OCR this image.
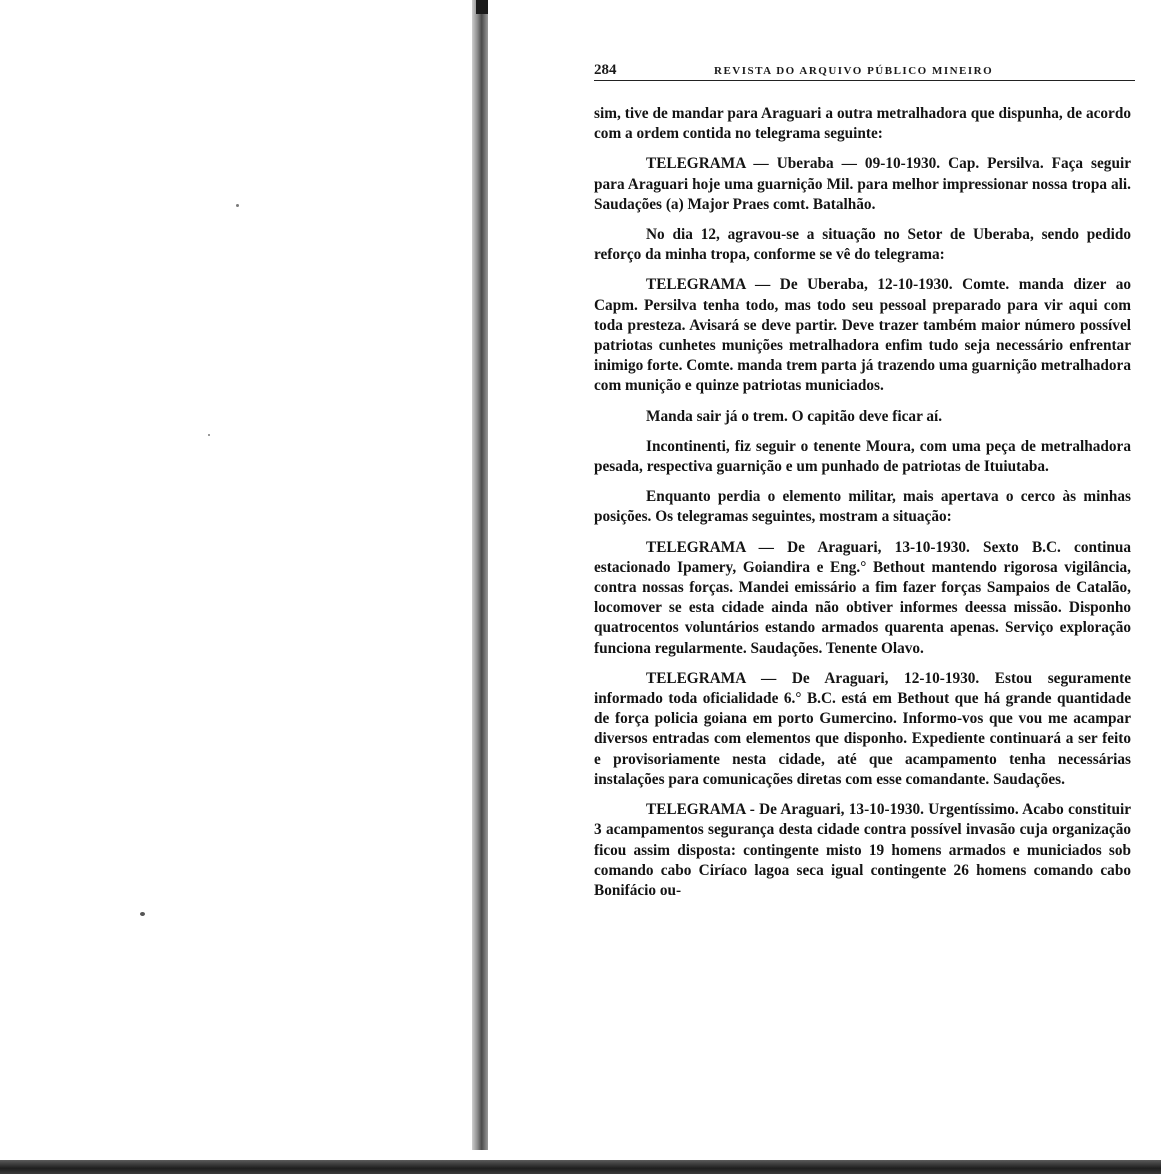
284	REVISTA DO ARQUIVO PÚBLICO MINEIRO

sim, tive de mandar para Araguari a outra metralhadora que dispunha, de acordo com a ordem contida no telegrama seguinte:

TELEGRAMA — Uberaba — 09-10-1930. Cap. Persilva. Faça seguir para Araguari hoje uma guarnição Mil. para melhor impressionar nossa tropa ali. Saudações (a) Major Praes comt. Batalhão.

No dia 12, agravou-se a situação no Setor de Uberaba, sendo pedido reforço da minha tropa, conforme se vê do telegrama:

TELEGRAMA — De Uberaba, 12-10-1930. Comte. manda dizer ao Capm. Persilva tenha todo, mas todo seu pessoal preparado para vir aqui com toda presteza. Avisará se deve partir. Deve trazer também maior número possível patriotas cunhetes munições metralhadora enfim tudo seja necessário enfrentar inimigo forte. Comte. manda trem parta já trazendo uma guarnição metralhadora com munição e quinze patriotas municiados.

Manda sair já o trem. O capitão deve ficar aí.

Incontinenti, fiz seguir o tenente Moura, com uma peça de metralhadora pesada, respectiva guarnição e um punhado de patriotas de Ituiutaba.

Enquanto perdia o elemento militar, mais apertava o cerco às minhas posições. Os telegramas seguintes, mostram a situação:

TELEGRAMA — De Araguari, 13-10-1930. Sexto B.C. continua estacionado Ipamery, Goiandira e Eng.° Bethout mantendo rigorosa vigilância, contra nossas forças. Mandei emissário a fim fazer forças Sampaios de Catalão, locomover se esta cidade ainda não obtiver informes deessa missão. Disponho quatrocentos voluntários estando armados quarenta apenas. Serviço exploração funciona regularmente. Saudações. Tenente Olavo.

TELEGRAMA — De Araguari, 12-10-1930. Estou seguramente informado toda oficialidade 6.° B.C. está em Bethout que há grande quantidade de força policia goiana em porto Gumercino. Informo-vos que vou me acampar diversos entradas com elementos que disponho. Expediente continuará a ser feito e provisoriamente nesta cidade, até que acampamento tenha necessárias instalações para comunicações diretas com esse comandante. Saudações.

TELEGRAMA - De Araguari, 13-10-1930. Urgentíssimo. Acabo constituir 3 acampamentos segurança desta cidade contra possível invasão cuja organização ficou assim disposta: contingente misto 19 homens armados e municiados sob comando cabo Ciríaco lagoa seca igual contingente 26 homens comando cabo Bonifácio ou-
